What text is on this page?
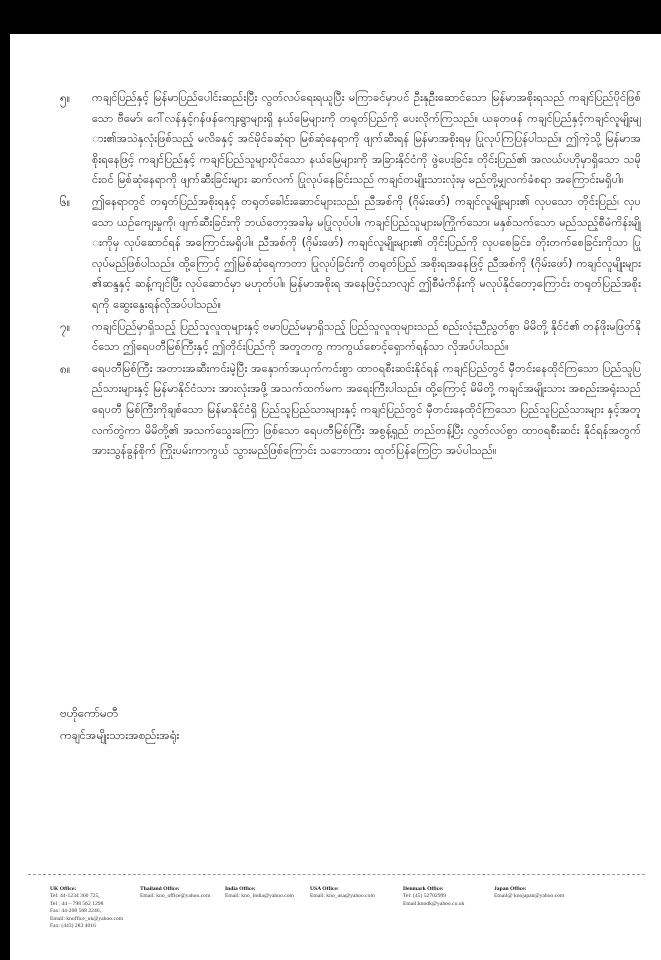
၅။	ကချင်ပြည်နှင့် မြန်မာပြည်ပေါင်းဆည်းပြီး လွတ်လပ်ရေးရယူပြီး မကြာခင်မှာပင် ဦးနုဦးဆောင်သော မြန်မာအစိုးရသည် ကချင်ပြည်ပိုင်ဖြစ်သော ဗီမော်၊ ဂေါ်လန်နှင့်ဂန်ဖန်ကျေးရွာများရှိ နယ်မြေများကို တရုတ်ပြည်ကို ပေးလိုက်ကြသည်။ ယခုတဖန် ကချင်ပြည်နှင့်ကချင်လူမျိုးများ၏အသဲနှလုံးဖြစ်သည့် မလိခနှင့် အင်မိုင်ခဆုံရာ မြစ်ဆုံနေရာကို ဖျက်ဆီးရန် မြန်မာအစိုးရမှ ပြုလုပ်ကြပြန်ပါသည်။ ဤကဲ့သို့ မြန်မာအစိုးရနေဖြင့် ကချင်ပြည်နှင့် ကချင်ပြည်သူများပိုင်သော နယ်မြေများကို အခြားနိုင်ငံကို ဖွဲပေးခြင်း၊ တိုင်းပြည်၏ အလယ်ပဟိုမှာရှိသော သမိုင်းဝင် မြစ်ဆုံနေရာကို ဖျက်ဆီးခြင်းများ ဆက်လက် ပြုလုပ်နေခြင်းသည် ကချင်တမျိုးသားလုံးမှ မည်တို့မျှလက်ခံစရာ အကြောင်းမရှိပါ။
၆။	ဤနေရာတွင် တရုတ်ပြည်အစိုးရနှင့် တရုတ်ခေါင်းဆောင်များသည်၊ ညီအစ်ကို (ဂိုမ်းဖော်) ကချင်လူမျိုးများ၏ လုပသော တိုင်းပြည်၊ လှပသော ယဉ်ကျေးမှုကို၊ ဖျက်ဆီးခြင်းကို ဘယ်တော့အခါမှ မပြုလုပ်ပါ။ ကချင်ပြည်သူများမကြိုက်သော၊ မနှစ်သက်သော မည်သည့်စီမံကိန်းမျိုးကိုမှ လုပ်ဆောင်ရန် အကြောင်းမရှိပါ။ ညီအစ်ကို (ဂိုမ်းဖော်) ကချင်လူမျိုးများ၏ တိုင်းပြည်ကို လုပစေခြင်း၊ တိုးတက်စေခြင်းကိုသာ ပြုလုပ်မည်ဖြစ်ပါသည်။ ထို့ကြောင့် ဤမြစ်ဆုံရေကာတာ ပြုလုပ်ခြင်းကို တရုတ်ပြည် အစိုးရအနေဖြင့် ညီအစ်ကို (ဂိုမ်းဖော်) ကချင်လူမျိုးများ၏ဆန္ဒနှင့် ဆန့်ကျင်ပြီး လုပ်ဆောင်မှာ မဟုတ်ပါ။ မြန်မာအစိုးရ အနေဖြင့်သာလျင် ဤစီမံကိန်းကို မလုပ်နိုင်တော့ကြောင်း တရုတ်ပြည်အစိုးရကို ဆွေးနွေးရန်လိုအပ်ပါသည်။
၇။	ကချင်ပြည်မှာရှိသည့် ပြည်သူလူထုများနှင့် ဗမာပြည်မမှာရှိသည့် ပြည်သူလူထုများသည် စည်းလုံးညီညွတ်စွာ မိမိတို့ နိုင်ငံ၏ တန်ဖိုးမဖြတ်နိုင်သော ဤရေပတီမြစ်ကြီးနှင့် ဤတိုင်းပြည်ကို အတူတကွ ကာကွယ်စောင့်ရှောက်ရန်သာ လိုအပ်ပါသည်။
၈။	ရေပတီမြစ်ကြီး အတားအဆီးကင်းမဲ့ပြီး အနှောက်အယှက်ကင်းစွာ ထာဝရစီးဆင်းနိုင်ရန် ကချင်ပြည်တွင် မှီတင်းနေထိုင်ကြသော ပြည်သူပြည်သားများနှင့် မြန်မာနိုင်ငံသား အားလုံးအဖို့ အသက်ထက်မက အရေးကြီးပါသည်။ ထို့ကြောင့် မိမိတို့ ကချင်အမျိုးသား အစည်းအရုံးသည် ရေပတီ မြစ်ကြီးကိုချစ်သော မြန်မာနိုင်ငံရှိ ပြည်သူပြည်သားများနှင့် ကချင်ပြည်တွင် မှီတင်းနေထိုင်ကြသော ပြည်သူပြည်သားများ နှင့်အတူလက်တွဲကာ မိမိတို့၏ အသက်သွေးကြော ဖြစ်သော ရေပတီမြစ်ကြီး အစွန့်ရှည် တည်တန့်ပြီး လွတ်လပ်စွာ ထာဝရစီးဆင်း နိုင်ရန်အတွက် အားသွန်ခွန်စိုက် ကြိုးပမ်းကာကွယ် သွားမည်ဖြစ်ကြောင်း သဘောထား ထုတ်ပြန်ကြေငြာ အပ်ပါသည်။
ဗဟိုကော်မတီ
ကချင်အမျိုးသားအစည်းအရုံး
UK Office:
Tel: 44-1234 360 725,
Tel : 44 – 798 562 1298
Fax: 44-208 568 2246,
Email: knoffice_uk@yahoo.com
Fax: (443) 283 4016
Thailand Office:
Email: kno_office@yahoo.com
India Office:
Email: kno_India@yahoo.com
USA Office:
Email: kno_usa@yahoo.com
Denmark Office:
Tel: (45) 52702999
Email:knodk@yahoo.co.uk
Japan Office:
Email@ knojapan@yahoo.com
